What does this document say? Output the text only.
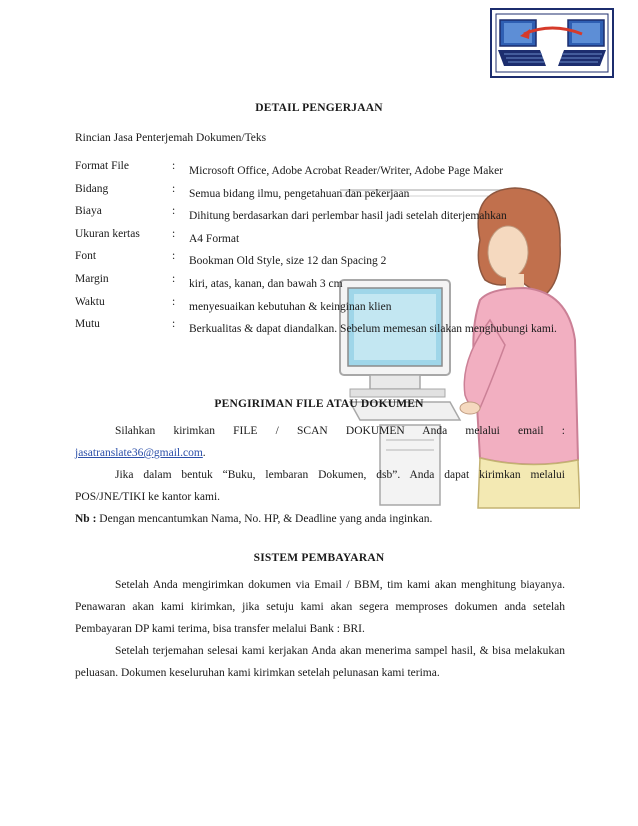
DETAIL PENGERJAAN
Rincian Jasa Penterjemah Dokumen/Teks
Format File	:	Microsoft Office, Adobe Acrobat Reader/Writer, Adobe Page Maker
Bidang	:	Semua bidang ilmu, pengetahuan dan pekerjaan
Biaya	:	Dihitung berdasarkan dari perlembar hasil jadi setelah diterjemahkan
Ukuran kertas	:	A4 Format
Font	:	Bookman Old Style, size 12 dan Spacing 2
Margin	:	kiri, atas, kanan, dan bawah 3 cm
Waktu	:	menyesuaikan kebutuhan & keinginan klien
Mutu	:	Berkualitas & dapat diandalkan. Sebelum memesan silakan menghubungi kami.
PENGIRIMAN FILE ATAU DOKUMEN
Silahkan kirimkan FILE / SCAN DOKUMEN Anda melalui email :
jasatranslate36@gmail.com.
Jika dalam bentuk “Buku, lembaran Dokumen, dsb”. Anda dapat kirimkan melalui POS/JNE/TIKI ke kantor kami.
Nb : Dengan mencantumkan Nama, No. HP, & Deadline yang anda inginkan.
SISTEM PEMBAYARAN
Setelah Anda mengirimkan dokumen via Email / BBM, tim kami akan menghitung biayanya. Penawaran akan kami kirimkan, jika setuju kami akan segera memproses dokumen anda setelah Pembayaran DP kami terima, bisa transfer melalui Bank : BRI.
Setelah terjemahan selesai kami kerjakan Anda akan menerima sampel hasil, & bisa melakukan peluasan. Dokumen keseluruhan kami kirimkan setelah pelunasan kami terima.
